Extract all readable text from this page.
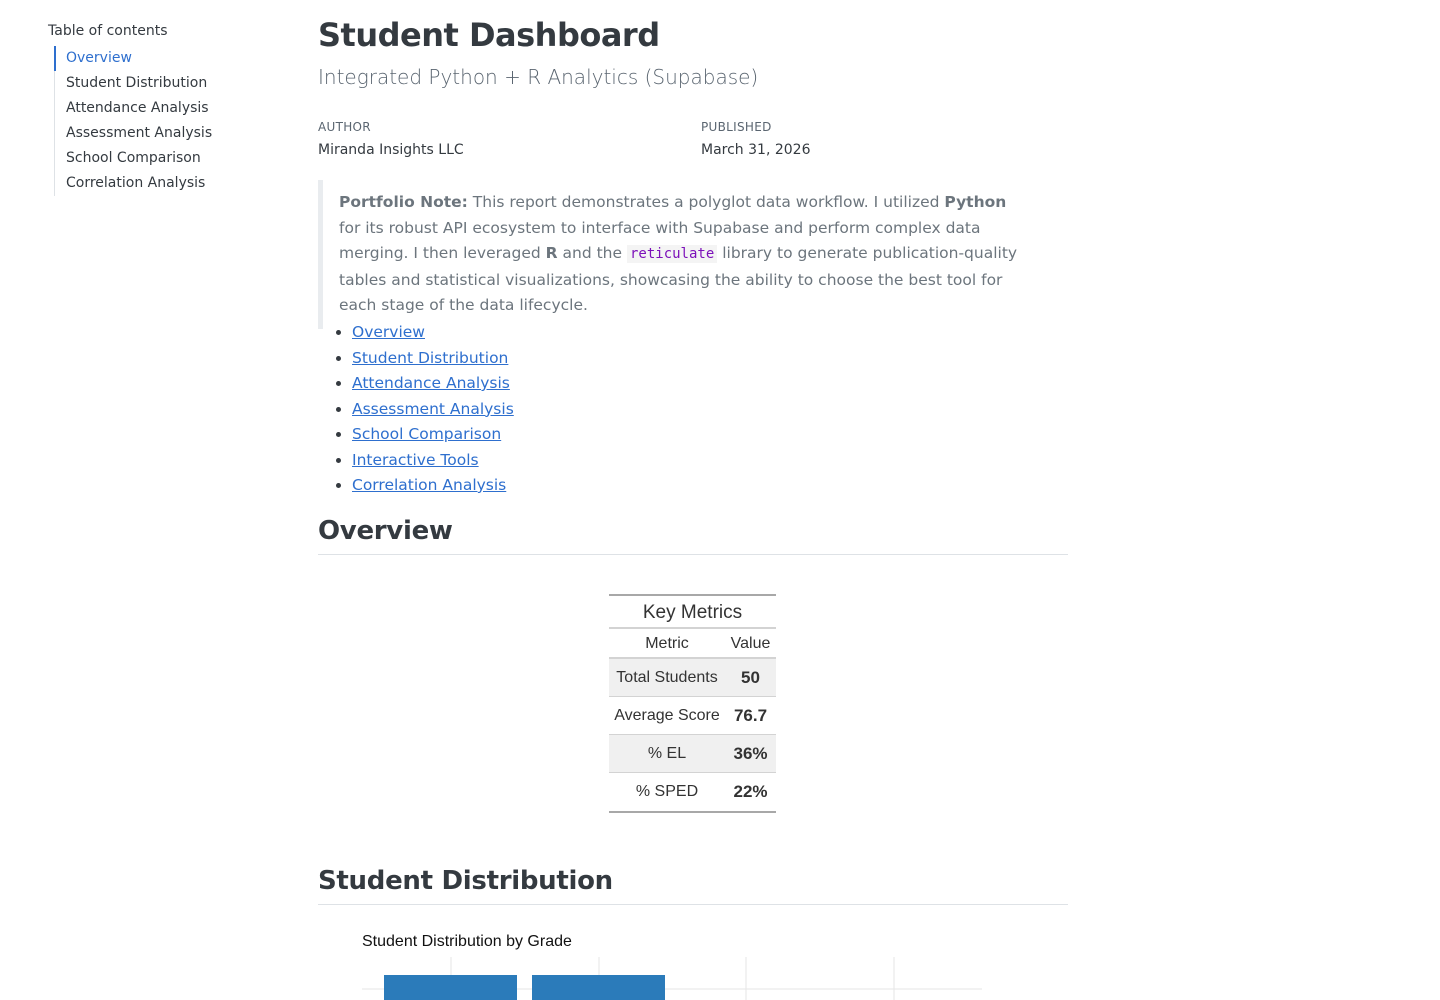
Table of contents
Overview
Student Distribution
Attendance Analysis
Assessment Analysis
School Comparison
Correlation Analysis
Student Dashboard
Integrated Python + R Analytics (Supabase)
AUTHOR
Miranda Insights LLC
PUBLISHED
March 31, 2026
Portfolio Note: This report demonstrates a polyglot data workflow. I utilized Python for its robust API ecosystem to interface with Supabase and perform complex data merging. I then leveraged R and the reticulate library to generate publication-quality tables and statistical visualizations, showcasing the ability to choose the best tool for each stage of the data lifecycle.
• Overview
• Student Distribution
• Attendance Analysis
• Assessment Analysis
• School Comparison
• Interactive Tools
• Correlation Analysis
Overview
Key Metrics
Metric	Value
Total Students	50
Average Score 76.7
% EL	36%
% SPED	22%
Student Distribution
Student Distribution by Grade
